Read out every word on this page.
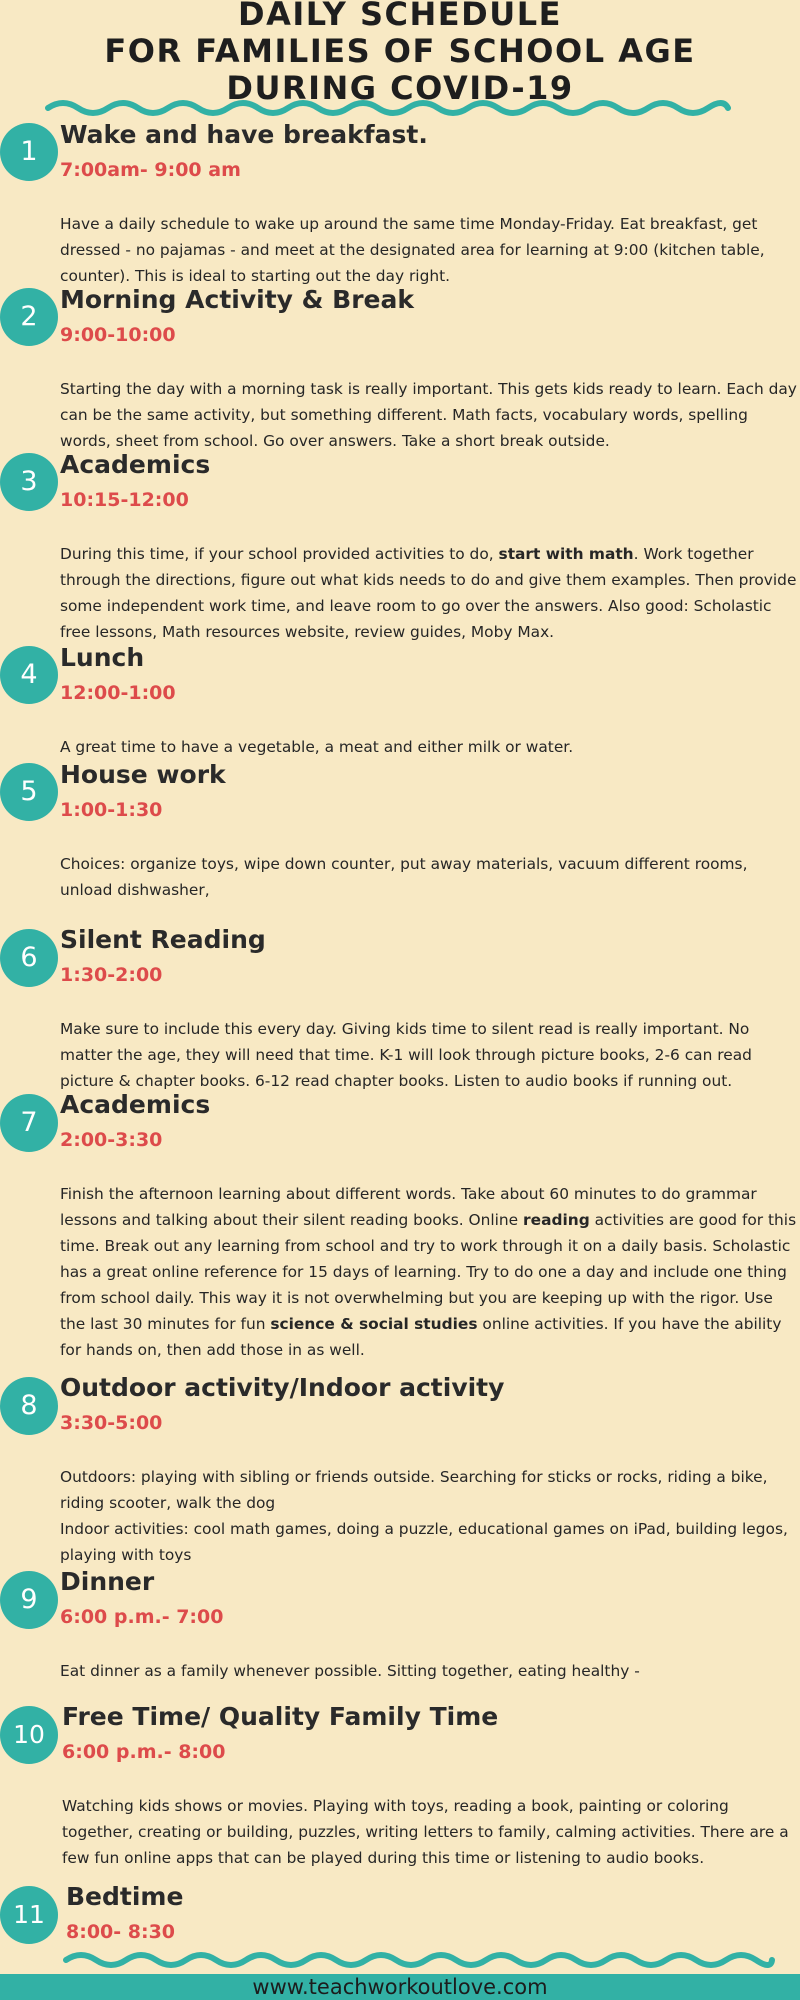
DAILY SCHEDULE
FOR FAMILIES OF SCHOOL AGE
DURING COVID-19
1
Wake and have breakfast.
7:00am- 9:00 am
Have a daily schedule to wake up around the same time Monday-Friday. Eat breakfast, get dressed - no pajamas - and meet at the designated area for learning at 9:00 (kitchen table, counter). This is ideal to starting out the day right.
2
Morning Activity & Break
9:00-10:00
Starting the day with a morning task is really important. This gets kids ready to learn. Each day can be the same activity, but something different. Math facts, vocabulary words, spelling words, sheet from school. Go over answers. Take a short break outside.
3
Academics
10:15-12:00
During this time, if your school provided activities to do, start with math. Work together through the directions, figure out what kids needs to do and give them examples. Then provide some independent work time, and leave room to go over the answers. Also good: Scholastic free lessons, Math resources website, review guides, Moby Max.
4
Lunch
12:00-1:00
A great time to have a vegetable, a meat and either milk or water.
5
House work
1:00-1:30
Choices: organize toys, wipe down counter, put away materials, vacuum different rooms, unload dishwasher,
6
Silent Reading
1:30-2:00
Make sure to include this every day. Giving kids time to silent read is really important. No matter the age, they will need that time. K-1 will look through picture books, 2-6 can read picture & chapter books. 6-12 read chapter books. Listen to audio books if running out.
7
Academics
2:00-3:30
Finish the afternoon learning about different words. Take about 60 minutes to do grammar lessons and talking about their silent reading books. Online reading activities are good for this time. Break out any learning from school and try to work through it on a daily basis. Scholastic has a great online reference for 15 days of learning. Try to do one a day and include one thing from school daily. This way it is not overwhelming but you are keeping up with the rigor. Use the last 30 minutes for fun science & social studies online activities. If you have the ability for hands on, then add those in as well.
8
Outdoor activity/Indoor activity
3:30-5:00
Outdoors: playing with sibling or friends outside. Searching for sticks or rocks, riding a bike, riding scooter, walk the dog
Indoor activities: cool math games, doing a puzzle, educational games on iPad, building legos, playing with toys
9
Dinner
6:00 p.m.- 7:00
Eat dinner as a family whenever possible. Sitting together, eating healthy -
10
Free Time/ Quality Family Time
6:00 p.m.- 8:00
Watching kids shows or movies. Playing with toys, reading a book, painting or coloring together, creating or building, puzzles, writing letters to family, calming activities. There are a few fun online apps that can be played during this time or listening to audio books.
11
Bedtime
8:00- 8:30
www.teachworkoutlove.com
